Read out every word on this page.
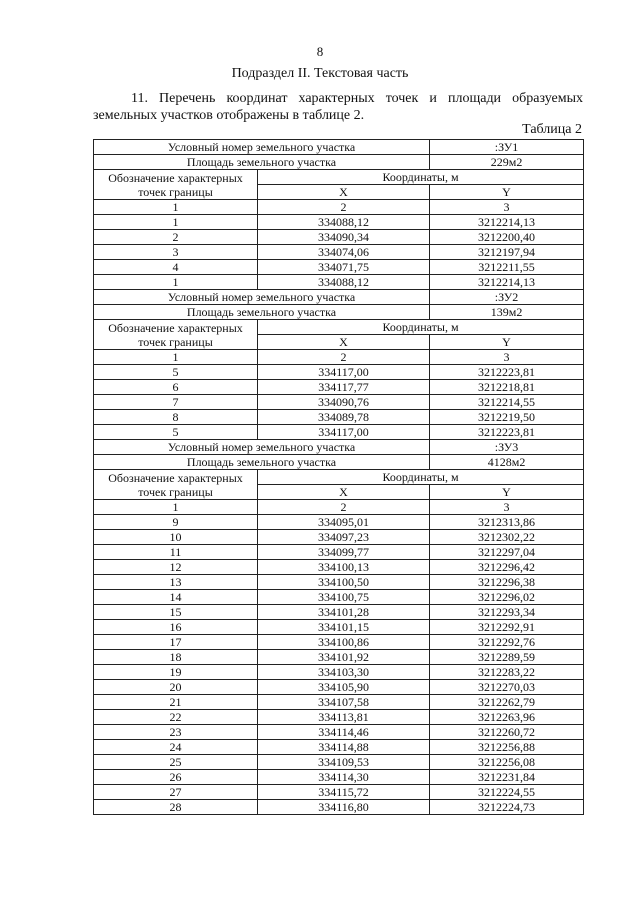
8
Подраздел II. Текстовая часть
11. Перечень координат характерных точек и площади образуемых земельных участков отображены в таблице 2.
Таблица 2
Условный номер земельного участка		:ЗУ1
Площадь земельного участка		229м2
Обозначение характерных точек границы	Координаты, м	
	X	Y
1	2	3
1	334088,12	3212214,13
2	334090,34	3212200,40
3	334074,06	3212197,94
4	334071,75	3212211,55
1	334088,12	3212214,13
Условный номер земельного участка		:ЗУ2
Площадь земельного участка		139м2
Обозначение характерных точек границы	Координаты, м	
	X	Y
1	2	3
5	334117,00	3212223,81
6	334117,77	3212218,81
7	334090,76	3212214,55
8	334089,78	3212219,50
5	334117,00	3212223,81
Условный номер земельного участка		:ЗУ3
Площадь земельного участка		4128м2
Обозначение характерных точек границы	Координаты, м	
	X	Y
1	2	3
9	334095,01	3212313,86
10	334097,23	3212302,22
11	334099,77	3212297,04
12	334100,13	3212296,42
13	334100,50	3212296,38
14	334100,75	3212296,02
15	334101,28	3212293,34
16	334101,15	3212292,91
17	334100,86	3212292,76
18	334101,92	3212289,59
19	334103,30	3212283,22
20	334105,90	3212270,03
21	334107,58	3212262,79
22	334113,81	3212263,96
23	334114,46	3212260,72
24	334114,88	3212256,88
25	334109,53	3212256,08
26	334114,30	3212231,84
27	334115,72	3212224,55
28	334116,80	3212224,73
